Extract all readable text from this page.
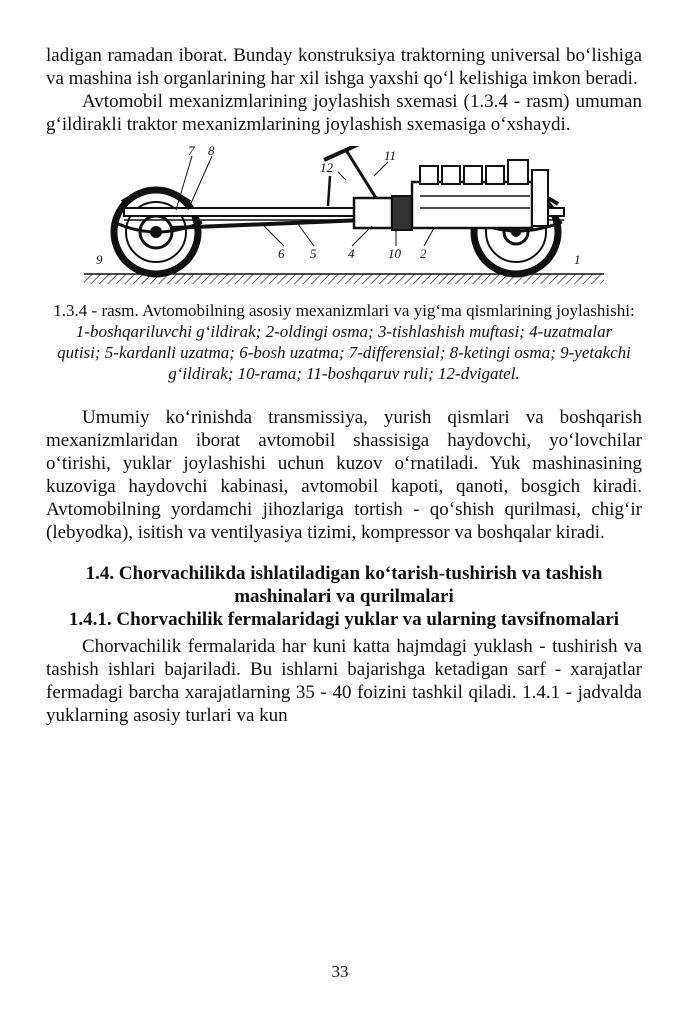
ladigan ramadan iborat. Bunday konstruksiya traktorning universal bo‘lishiga va mashina ish organlarining har xil ishga yaxshi qo‘l kelishiga imkon beradi.

Avtomobil mexanizmlarining joylashish sxemasi (1.3.4 - rasm) umuman g‘ildirakli traktor mexanizmlarining joylashish sxemasiga o‘xshaydi.

7 8
9	6 5 4	10 2
11
12
1
1.3.4 - rasm. Avtomobilning asosiy mexanizmlari va yig‘ma qismlarining joylashishi: 1-boshqariluvchi g‘ildirak; 2-oldingi osma; 3-tishlashish muftasi; 4-uzatmalar qutisi; 5-kardanli uzatma; 6-bosh uzatma; 7-differensial; 8-ketingi osma; 9-yetakchi g‘ildirak; 10-rama; 11-boshqaruv ruli; 12-dvigatel.

Umumiy ko‘rinishda transmissiya, yurish qismlari va boshqarish mexanizmlaridan iborat avtomobil shassisiga haydovchi, yo‘lovchilar o‘tirishi, yuklar joylashishi uchun kuzov o‘rnatiladi. Yuk mashinasining kuzoviga haydovchi kabinasi, avtomobil kapoti, qanoti, bosgich kiradi. Avtomobilning yordamchi jihozlariga tortish - qo‘shish qurilmasi, chig‘ir (lebyodka), isitish va ventilyasiya tizimi, kompressor va boshqalar kiradi.

1.4. Chorvachilikda ishlatiladigan ko‘tarish-tushirish va tashish mashinalari va qurilmalari
1.4.1. Chorvachilik fermalaridagi yuklar va ularning tavsifnomalari

Chorvachilik fermalarida har kuni katta hajmdagi yuklash - tushirish va tashish ishlari bajariladi. Bu ishlarni bajarishga ketadigan sarf - xarajatlar fermadagi barcha xarajatlarning 35 - 40 foizini tashkil qiladi. 1.4.1 - jadvalda yuklarning asosiy turlari va kun

33
